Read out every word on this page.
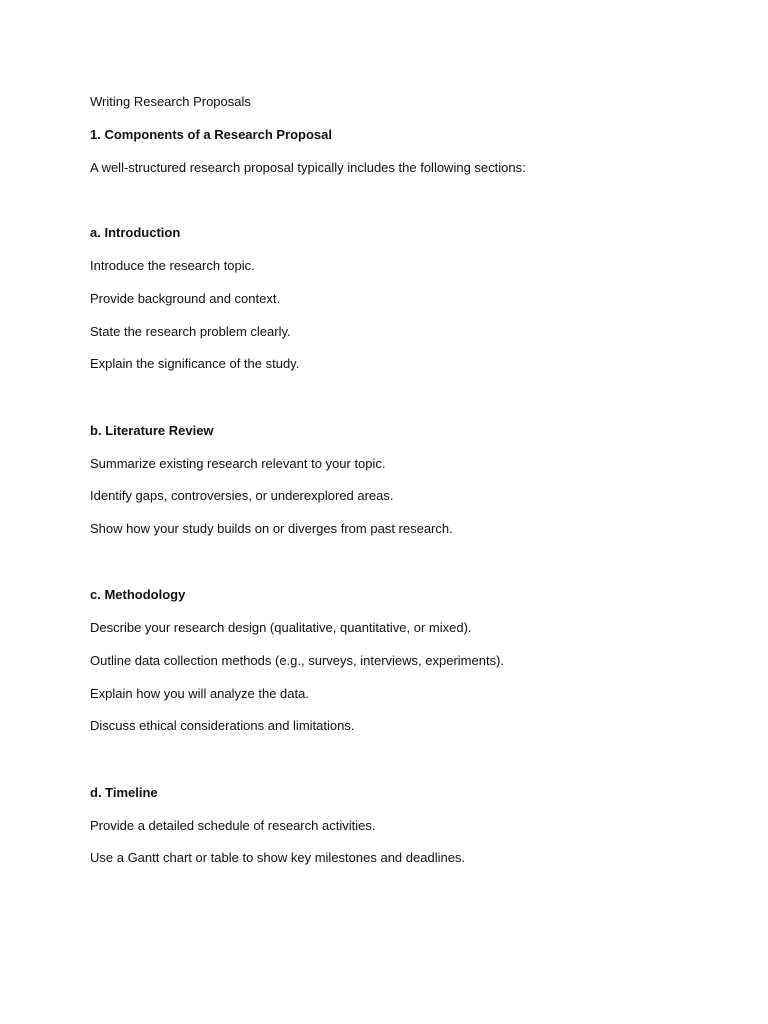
Writing Research Proposals
1. Components of a Research Proposal
A well-structured research proposal typically includes the following sections:
a. Introduction
Introduce the research topic.
Provide background and context.
State the research problem clearly.
Explain the significance of the study.
b. Literature Review
Summarize existing research relevant to your topic.
Identify gaps, controversies, or underexplored areas.
Show how your study builds on or diverges from past research.
c. Methodology
Describe your research design (qualitative, quantitative, or mixed).
Outline data collection methods (e.g., surveys, interviews, experiments).
Explain how you will analyze the data.
Discuss ethical considerations and limitations.
d. Timeline
Provide a detailed schedule of research activities.
Use a Gantt chart or table to show key milestones and deadlines.
